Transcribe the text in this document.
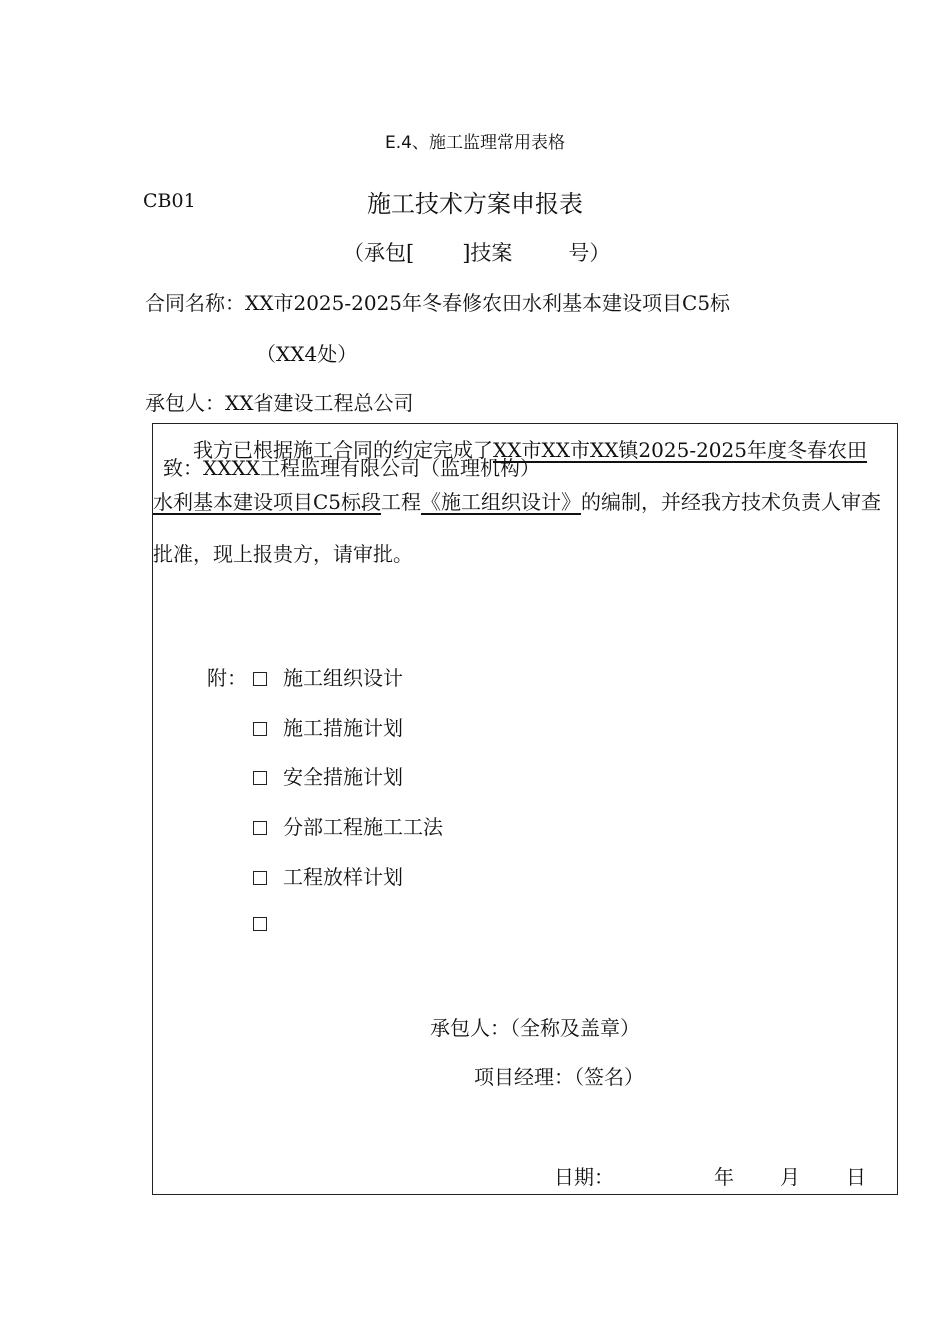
E.4、施工监理常用表格
CB01	施工技术方案申报表
（承包[ ]技案	号）
合同名称：XX市2025-2025年冬春修农田水利基本建设项目C5标
（XX4处）
承包人：XX省建设工程总公司
致：XXXX工程监理有限公司（监理机构）
我方已根据施工合同的约定完成了XX市XX市XX镇2025-2025年度冬春农田水利基本建设项目C5标段工程《施工组织设计》的编制，并经我方技术负责人审查批准，现上报贵方，请审批。
附：	施工组织设计
施工措施计划
安全措施计划
分部工程施工工法
工程放样计划
承包人：（全称及盖章）
项目经理：（签名）
日期：	年 月 日
